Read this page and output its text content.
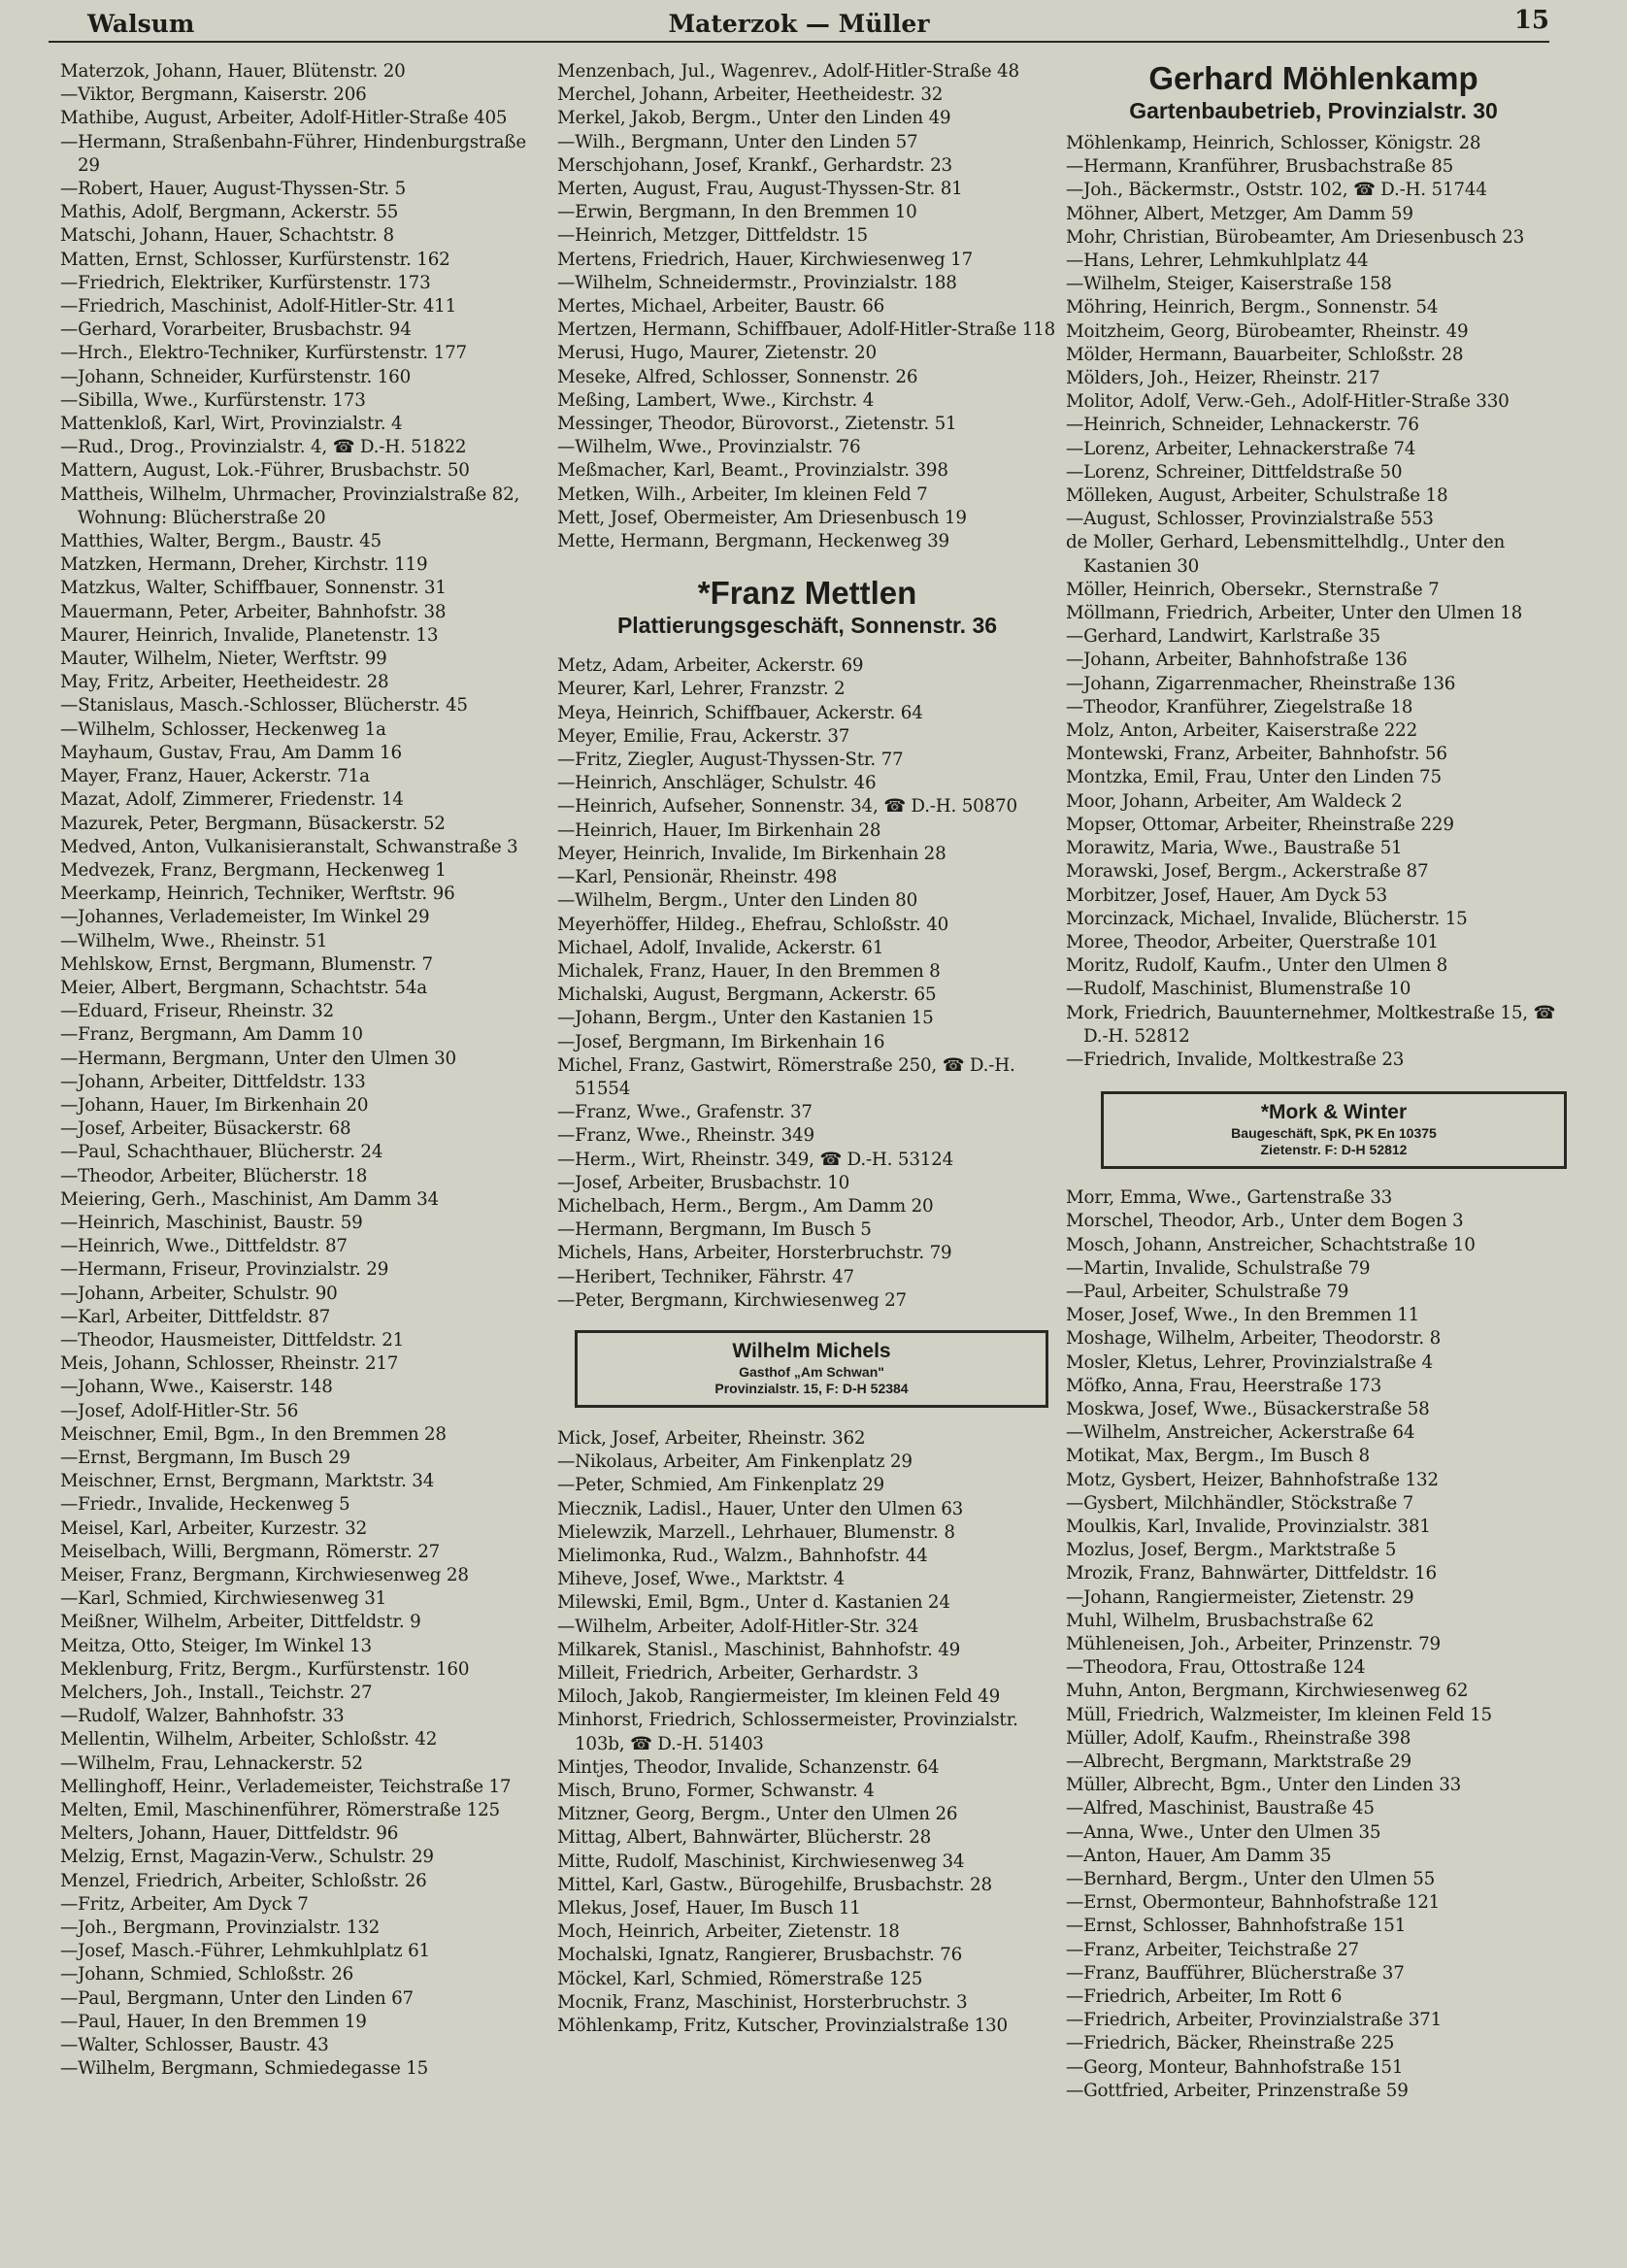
Walsum	Materzok — Müller	15
Materzok, Johann, Hauer, Blütenstr. 20
—Viktor, Bergmann, Kaiserstr. 206
Mathibe, August, Arbeiter, Adolf-Hitler-Straße 405
—Hermann, Straßenbahn-Führer, Hindenburgstraße 29
—Robert, Hauer, August-Thyssen-Str. 5
Mathis, Adolf, Bergmann, Ackerstr. 55
Matschi, Johann, Hauer, Schachtstr. 8
Matten, Ernst, Schlosser, Kurfürstenstr. 162
—Friedrich, Elektriker, Kurfürstenstr. 173
—Friedrich, Maschinist, Adolf-Hitler-Str. 411
—Gerhard, Vorarbeiter, Brusbachstr. 94
—Hrch., Elektro-Techniker, Kurfürstenstr. 177
—Johann, Schneider, Kurfürstenstr. 160
—Sibilla, Wwe., Kurfürstenstr. 173
Mattenkloß, Karl, Wirt, Provinzialstr. 4
—Rud., Drog., Provinzialstr. 4, ☎ D.-H. 51822
Mattern, August, Lok.-Führer, Brusbachstr. 50
Mattheis, Wilhelm, Uhrmacher, Provinzialstraße 82, Wohnung: Blücherstraße 20
Matthies, Walter, Bergm., Baustr. 45
Matzken, Hermann, Dreher, Kirchstr. 119
Matzkus, Walter, Schiffbauer, Sonnenstr. 31
Mauermann, Peter, Arbeiter, Bahnhofstr. 38
Maurer, Heinrich, Invalide, Planetenstr. 13
Mauter, Wilhelm, Nieter, Werftstr. 99
May, Fritz, Arbeiter, Heetheidestr. 28
—Stanislaus, Masch.-Schlosser, Blücherstr. 45
—Wilhelm, Schlosser, Heckenweg 1a
Mayhaum, Gustav, Frau, Am Damm 16
Mayer, Franz, Hauer, Ackerstr. 71a
Mazat, Adolf, Zimmerer, Friedenstr. 14
Mazurek, Peter, Bergmann, Büsackerstr. 52
Medved, Anton, Vulkanisieranstalt, Schwanstraße 3
Medvezek, Franz, Bergmann, Heckenweg 1
Meerkamp, Heinrich, Techniker, Werftstr. 96
—Johannes, Verlademeister, Im Winkel 29
—Wilhelm, Wwe., Rheinstr. 51
Mehlskow, Ernst, Bergmann, Blumenstr. 7
Meier, Albert, Bergmann, Schachtstr. 54a
—Eduard, Friseur, Rheinstr. 32
—Franz, Bergmann, Am Damm 10
—Hermann, Bergmann, Unter den Ulmen 30
—Johann, Arbeiter, Dittfeldstr. 133
—Johann, Hauer, Im Birkenhain 20
—Josef, Arbeiter, Büsackerstr. 68
—Paul, Schachthauer, Blücherstr. 24
—Theodor, Arbeiter, Blücherstr. 18
Meiering, Gerh., Maschinist, Am Damm 34
—Heinrich, Maschinist, Baustr. 59
—Heinrich, Wwe., Dittfeldstr. 87
—Hermann, Friseur, Provinzialstr. 29
—Johann, Arbeiter, Schulstr. 90
—Karl, Arbeiter, Dittfeldstr. 87
—Theodor, Hausmeister, Dittfeldstr. 21
Meis, Johann, Schlosser, Rheinstr. 217
—Johann, Wwe., Kaiserstr. 148
—Josef, Adolf-Hitler-Str. 56
Meischner, Emil, Bgm., In den Bremmen 28
—Ernst, Bergmann, Im Busch 29
Meischner, Ernst, Bergmann, Marktstr. 34
—Friedr., Invalide, Heckenweg 5
Meisel, Karl, Arbeiter, Kurzestr. 32
Meiselbach, Willi, Bergmann, Römerstr. 27
Meiser, Franz, Bergmann, Kirchwiesenweg 28
—Karl, Schmied, Kirchwiesenweg 31
Meißner, Wilhelm, Arbeiter, Dittfeldstr. 9
Meitza, Otto, Steiger, Im Winkel 13
Meklenburg, Fritz, Bergm., Kurfürstenstr. 160
Melchers, Joh., Install., Teichstr. 27
—Rudolf, Walzer, Bahnhofstr. 33
Mellentin, Wilhelm, Arbeiter, Schloßstr. 42
—Wilhelm, Frau, Lehnackerstr. 52
Mellinghoff, Heinr., Verlademeister, Teichstraße 17
Melten, Emil, Maschinenführer, Römerstraße 125
Melters, Johann, Hauer, Dittfeldstr. 96
Melzig, Ernst, Magazin-Verw., Schulstr. 29
Menzel, Friedrich, Arbeiter, Schloßstr. 26
—Fritz, Arbeiter, Am Dyck 7
—Joh., Bergmann, Provinzialstr. 132
—Josef, Masch.-Führer, Lehmkuhlplatz 61
—Johann, Schmied, Schloßstr. 26
—Paul, Bergmann, Unter den Linden 67
—Paul, Hauer, In den Bremmen 19
—Walter, Schlosser, Baustr. 43
—Wilhelm, Bergmann, Schmiedegasse 15
Menzenbach, Jul., Wagenrev., Adolf-Hitler-Straße 48
Merchel, Johann, Arbeiter, Heetheidestr. 32
Merkel, Jakob, Bergm., Unter den Linden 49
—Wilh., Bergmann, Unter den Linden 57
Merschjohann, Josef, Krankf., Gerhardstr. 23
Merten, August, Frau, August-Thyssen-Str. 81
—Erwin, Bergmann, In den Bremmen 10
—Heinrich, Metzger, Dittfeldstr. 15
Mertens, Friedrich, Hauer, Kirchwiesenweg 17
—Wilhelm, Schneidermstr., Provinzialstr. 188
Mertes, Michael, Arbeiter, Baustr. 66
Mertzen, Hermann, Schiffbauer, Adolf-Hitler-Straße 118
Merusi, Hugo, Maurer, Zietenstr. 20
Meseke, Alfred, Schlosser, Sonnenstr. 26
Meßing, Lambert, Wwe., Kirchstr. 4
Messinger, Theodor, Bürovorst., Zietenstr. 51
—Wilhelm, Wwe., Provinzialstr. 76
Meßmacher, Karl, Beamt., Provinzialstr. 398
Metken, Wilh., Arbeiter, Im kleinen Feld 7
Mett, Josef, Obermeister, Am Driesenbusch 19
Mette, Hermann, Bergmann, Heckenweg 39
*Franz Mettlen
Plattierungsgeschäft, Sonnenstr. 36
Metz, Adam, Arbeiter, Ackerstr. 69
Meurer, Karl, Lehrer, Franzstr. 2
Meya, Heinrich, Schiffbauer, Ackerstr. 64
Meyer, Emilie, Frau, Ackerstr. 37
—Fritz, Ziegler, August-Thyssen-Str. 77
—Heinrich, Anschläger, Schulstr. 46
—Heinrich, Aufseher, Sonnenstr. 34, ☎ D.-H. 50870
—Heinrich, Hauer, Im Birkenhain 28
Meyer, Heinrich, Invalide, Im Birkenhain 28
—Karl, Pensionär, Rheinstr. 498
—Wilhelm, Bergm., Unter den Linden 80
Meyerhöffer, Hildeg., Ehefrau, Schloßstr. 40
Michael, Adolf, Invalide, Ackerstr. 61
Michalek, Franz, Hauer, In den Bremmen 8
Michalski, August, Bergmann, Ackerstr. 65
—Johann, Bergm., Unter den Kastanien 15
—Josef, Bergmann, Im Birkenhain 16
Michel, Franz, Gastwirt, Römerstraße 250, ☎ D.-H. 51554
—Franz, Wwe., Grafenstr. 37
—Franz, Wwe., Rheinstr. 349
—Herm., Wirt, Rheinstr. 349, ☎ D.-H. 53124
—Josef, Arbeiter, Brusbachstr. 10
Michelbach, Herm., Bergm., Am Damm 20
—Hermann, Bergmann, Im Busch 5
Michels, Hans, Arbeiter, Horsterbruchstr. 79
—Heribert, Techniker, Fährstr. 47
—Peter, Bergmann, Kirchwiesenweg 27
Wilhelm Michels
Gasthof „Am Schwan"
Provinzialstr. 15, F: D-H 52384
Mick, Josef, Arbeiter, Rheinstr. 362
—Nikolaus, Arbeiter, Am Finkenplatz 29
—Peter, Schmied, Am Finkenplatz 29
Miecznik, Ladisl., Hauer, Unter den Ulmen 63
Mielewzik, Marzell., Lehrhauer, Blumenstr. 8
Mielimonka, Rud., Walzm., Bahnhofstr. 44
Miheve, Josef, Wwe., Marktstr. 4
Milewski, Emil, Bgm., Unter d. Kastanien 24
—Wilhelm, Arbeiter, Adolf-Hitler-Str. 324
Milkarek, Stanisl., Maschinist, Bahnhofstr. 49
Milleit, Friedrich, Arbeiter, Gerhardstr. 3
Miloch, Jakob, Rangiermeister, Im kleinen Feld 49
Minhorst, Friedrich, Schlossermeister, Provinzialstr. 103b, ☎ D.-H. 51403
Mintjes, Theodor, Invalide, Schanzenstr. 64
Misch, Bruno, Former, Schwanstr. 4
Mitzner, Georg, Bergm., Unter den Ulmen 26
Mittag, Albert, Bahnwärter, Blücherstr. 28
Mitte, Rudolf, Maschinist, Kirchwiesenweg 34
Mittel, Karl, Gastw., Bürogehilfe, Brusbachstr. 28
Mlekus, Josef, Hauer, Im Busch 11
Moch, Heinrich, Arbeiter, Zietenstr. 18
Mochalski, Ignatz, Rangierer, Brusbachstr. 76
Möckel, Karl, Schmied, Römerstraße 125
Mocnik, Franz, Maschinist, Horsterbruchstr. 3
Möhlenkamp, Fritz, Kutscher, Provinzialstraße 130
Gerhard Möhlenkamp
Gartenbaubetrieb, Provinzialstr. 30
Möhlenkamp, Heinrich, Schlosser, Königstr. 28
—Hermann, Kranführer, Brusbachstraße 85
—Joh., Bäckermstr., Oststr. 102, ☎ D.-H. 51744
Möhner, Albert, Metzger, Am Damm 59
Mohr, Christian, Bürobeamter, Am Driesenbusch 23
—Hans, Lehrer, Lehmkuhlplatz 44
—Wilhelm, Steiger, Kaiserstraße 158
Möhring, Heinrich, Bergm., Sonnenstr. 54
Moitzheim, Georg, Bürobeamter, Rheinstr. 49
Mölder, Hermann, Bauarbeiter, Schloßstr. 28
Mölders, Joh., Heizer, Rheinstr. 217
Molitor, Adolf, Verw.-Geh., Adolf-Hitler-Straße 330
—Heinrich, Schneider, Lehnackerstr. 76
—Lorenz, Arbeiter, Lehnackerstraße 74
—Lorenz, Schreiner, Dittfeldstraße 50
Mölleken, August, Arbeiter, Schulstraße 18
—August, Schlosser, Provinzialstraße 553
de Moller, Gerhard, Lebensmittelhdlg., Unter den Kastanien 30
Möller, Heinrich, Obersekr., Sternstraße 7
Möllmann, Friedrich, Arbeiter, Unter den Ulmen 18
—Gerhard, Landwirt, Karlstraße 35
—Johann, Arbeiter, Bahnhofstraße 136
—Johann, Zigarrenmacher, Rheinstraße 136
—Theodor, Kranführer, Ziegelstraße 18
Molz, Anton, Arbeiter, Kaiserstraße 222
Montewski, Franz, Arbeiter, Bahnhofstr. 56
Montzka, Emil, Frau, Unter den Linden 75
Moor, Johann, Arbeiter, Am Waldeck 2
Mopser, Ottomar, Arbeiter, Rheinstraße 229
Morawitz, Maria, Wwe., Baustraße 51
Morawski, Josef, Bergm., Ackerstraße 87
Morbitzer, Josef, Hauer, Am Dyck 53
Morcinzack, Michael, Invalide, Blücherstr. 15
Moree, Theodor, Arbeiter, Querstraße 101
Moritz, Rudolf, Kaufm., Unter den Ulmen 8
—Rudolf, Maschinist, Blumenstraße 10
Mork, Friedrich, Bauunternehmer, Moltkestraße 15, ☎ D.-H. 52812
—Friedrich, Invalide, Moltkestraße 23
*Mork & Winter
Baugeschäft, SpK, PK En 10375
Zietenstr. F: D-H 52812
Morr, Emma, Wwe., Gartenstraße 33
Morschel, Theodor, Arb., Unter dem Bogen 3
Mosch, Johann, Anstreicher, Schachtstraße 10
—Martin, Invalide, Schulstraße 79
—Paul, Arbeiter, Schulstraße 79
Moser, Josef, Wwe., In den Bremmen 11
Moshage, Wilhelm, Arbeiter, Theodorstr. 8
Mosler, Kletus, Lehrer, Provinzialstraße 4
Möfko, Anna, Frau, Heerstraße 173
Moskwa, Josef, Wwe., Büsackerstraße 58
—Wilhelm, Anstreicher, Ackerstraße 64
Motikat, Max, Bergm., Im Busch 8
Motz, Gysbert, Heizer, Bahnhofstraße 132
—Gysbert, Milchhändler, Stöckstraße 7
Moulkis, Karl, Invalide, Provinzialstr. 381
Mozlus, Josef, Bergm., Marktstraße 5
Mrozik, Franz, Bahnwärter, Dittfeldstr. 16
—Johann, Rangiermeister, Zietenstr. 29
Muhl, Wilhelm, Brusbachstraße 62
Mühleneisen, Joh., Arbeiter, Prinzenstr. 79
—Theodora, Frau, Ottostraße 124
Muhn, Anton, Bergmann, Kirchwiesenweg 62
Müll, Friedrich, Walzmeister, Im kleinen Feld 15
Müller, Adolf, Kaufm., Rheinstraße 398
—Albrecht, Bergmann, Marktstraße 29
Müller, Albrecht, Bgm., Unter den Linden 33
—Alfred, Maschinist, Baustraße 45
—Anna, Wwe., Unter den Ulmen 35
—Anton, Hauer, Am Damm 35
—Bernhard, Bergm., Unter den Ulmen 55
—Ernst, Obermonteur, Bahnhofstraße 121
—Ernst, Schlosser, Bahnhofstraße 151
—Franz, Arbeiter, Teichstraße 27
—Franz, Baufführer, Blücherstraße 37
—Friedrich, Arbeiter, Im Rott 6
—Friedrich, Arbeiter, Provinzialstraße 371
—Friedrich, Bäcker, Rheinstraße 225
—Georg, Monteur, Bahnhofstraße 151
—Gottfried, Arbeiter, Prinzenstraße 59
